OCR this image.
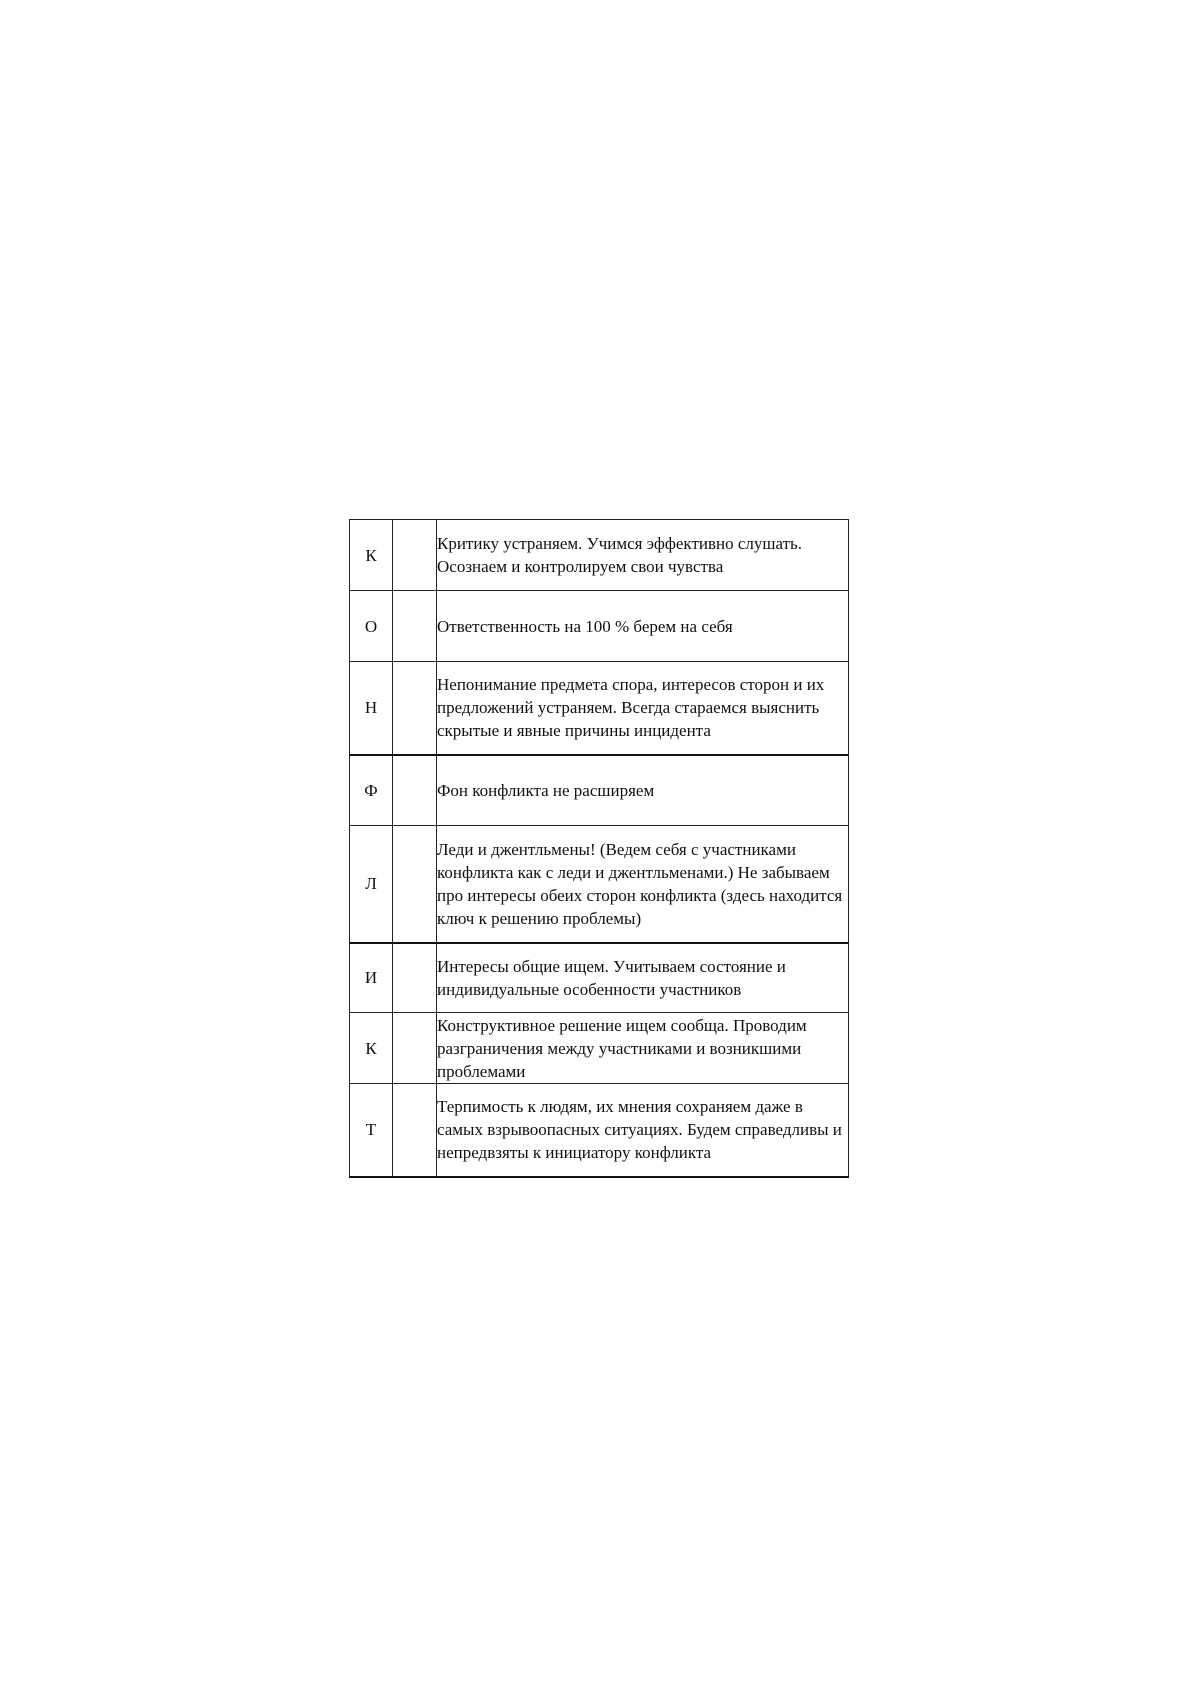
К		Критику устраняем. Учимся эффективно слушать. Осознаем и контролируем свои чувства
О		Ответственность на 100 % берем на себя
Н		Непонимание предмета спора, интересов сторон и их предложений устраняем. Всегда стараемся выяснить скрытые и явные причины инцидента
Ф		Фон конфликта не расширяем
Л		Леди и джентльмены! (Ведем себя с участниками конфликта как с леди и джентльменами.) Не забываем про интересы обеих сторон конфликта (здесь находится ключ к решению проблемы)
И		Интересы общие ищем. Учитываем состояние и индивидуальные особенности участников
К		Конструктивное решение ищем сообща. Проводим разграничения между участниками и возникшими проблемами
Т		Терпимость к людям, их мнения сохраняем даже в самых взрывоопасных ситуациях. Будем справедливы и непредвзяты к инициатору конфликта
